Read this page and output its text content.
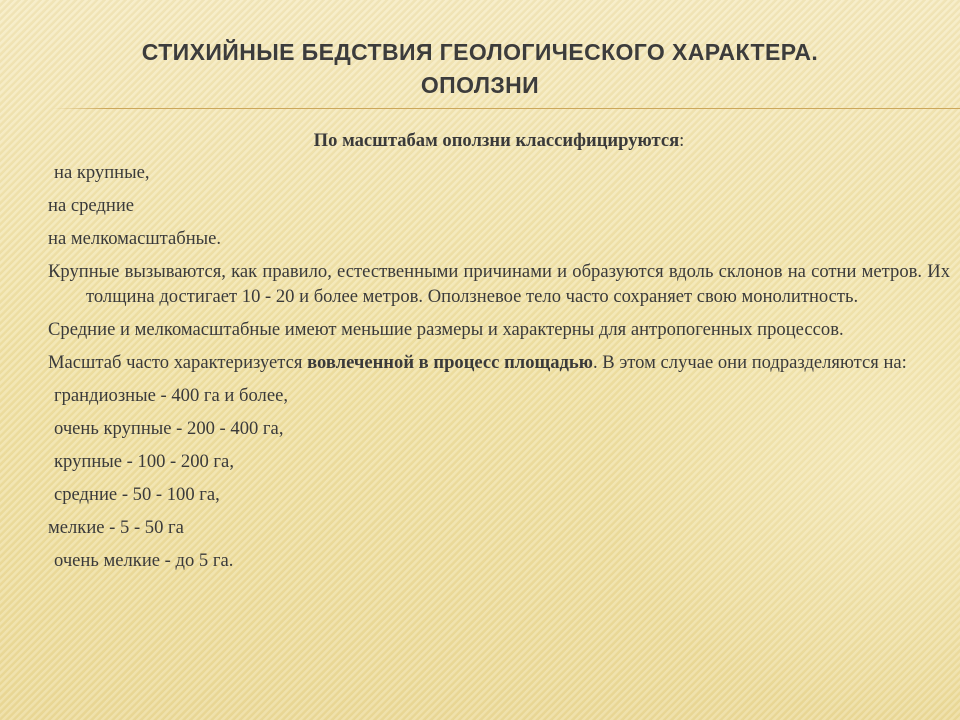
СТИХИЙНЫЕ БЕДСТВИЯ ГЕОЛОГИЧЕСКОГО ХАРАКТЕРА.
ОПОЛЗНИ
По масштабам оползни классифицируются:
на крупные,
на средние
на мелкомасштабные.
Крупные вызываются, как правило, естественными причинами и образуются вдоль склонов на сотни метров. Их толщина достигает 10 - 20 и более метров. Оползневое тело часто сохраняет свою монолитность.
Средние и мелкомасштабные имеют меньшие размеры и характерны для антропогенных процессов.
Масштаб часто характеризуется вовлеченной в процесс площадью. В этом случае они подразделяются на:
грандиозные - 400 га и более,
очень крупные - 200 - 400 га,
крупные - 100 - 200 га,
средние - 50 - 100 га,
мелкие - 5 - 50 га
очень мелкие - до 5 га.
